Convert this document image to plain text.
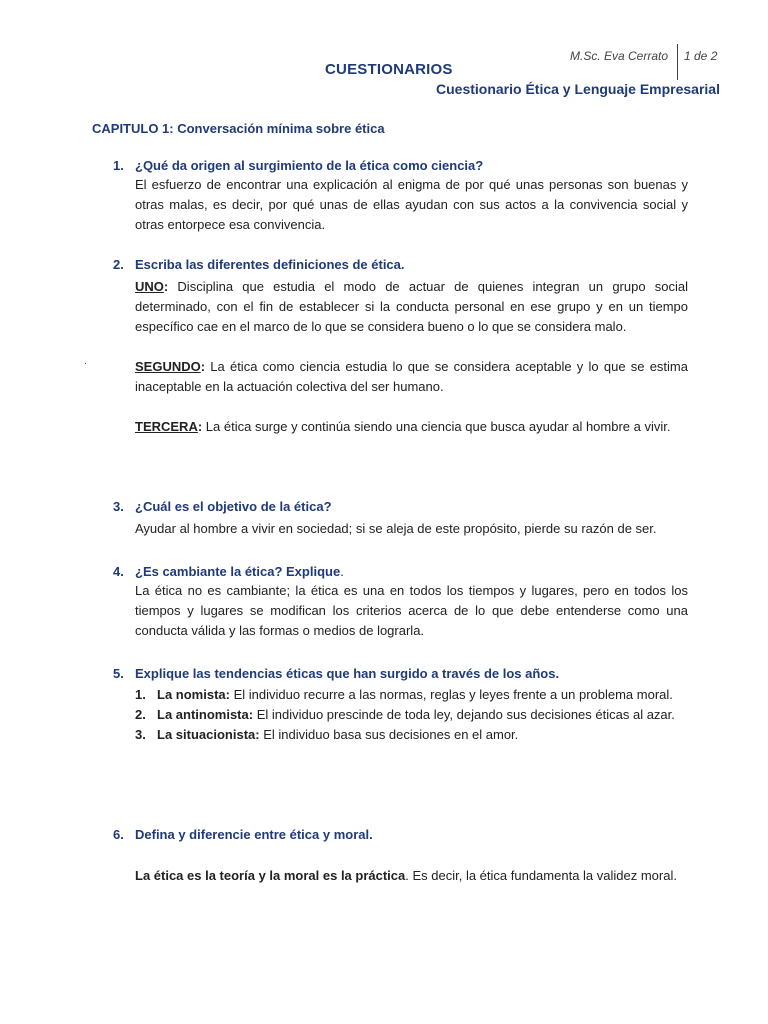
CUESTIONARIOS
Cuestionario Ética y Lenguaje Empresarial
M.Sc. Eva Cerrato 1 de 2
CAPITULO 1: Conversación mínima sobre ética
.
1. ¿Qué da origen al surgimiento de la ética como ciencia?

El esfuerzo de encontrar una explicación al enigma de por qué unas personas son buenas y otras malas, es decir, por qué unas de ellas ayudan con sus actos a la convivencia social y otras entorpece esa convivencia.

2. Escriba las diferentes definiciones de ética.

UNO: Disciplina que estudia el modo de actuar de quienes integran un grupo social determinado, con el fin de establecer si la conducta personal en ese grupo y en un tiempo específico cae en el marco de lo que se considera bueno o lo que se considera malo.

SEGUNDO: La ética como ciencia estudia lo que se considera aceptable y lo que se estima inaceptable en la actuación colectiva del ser humano.

TERCERA: La ética surge y continúa siendo una ciencia que busca ayudar al hombre a vivir.

3. ¿Cuál es el objetivo de la ética?

Ayudar al hombre a vivir en sociedad; si se aleja de este propósito, pierde su razón de ser.

4. ¿Es cambiante la ética? Explique.

La ética no es cambiante; la ética es una en todos los tiempos y lugares, pero en todos los tiempos y lugares se modifican los criterios acerca de lo que debe entenderse como una conducta válida y las formas o medios de lograrla.

5. Explique las tendencias éticas que han surgido a través de los años.
1. La nomista: El individuo recurre a las normas, reglas y leyes frente a un problema moral.
2. La antinomista: El individuo prescinde de toda ley, dejando sus decisiones éticas al azar.
3. La situacionista: El individuo basa sus decisiones en el amor.
6. Defina y diferencie entre ética y moral.

La ética es la teoría y la moral es la práctica. Es decir, la ética fundamenta la validez moral.
